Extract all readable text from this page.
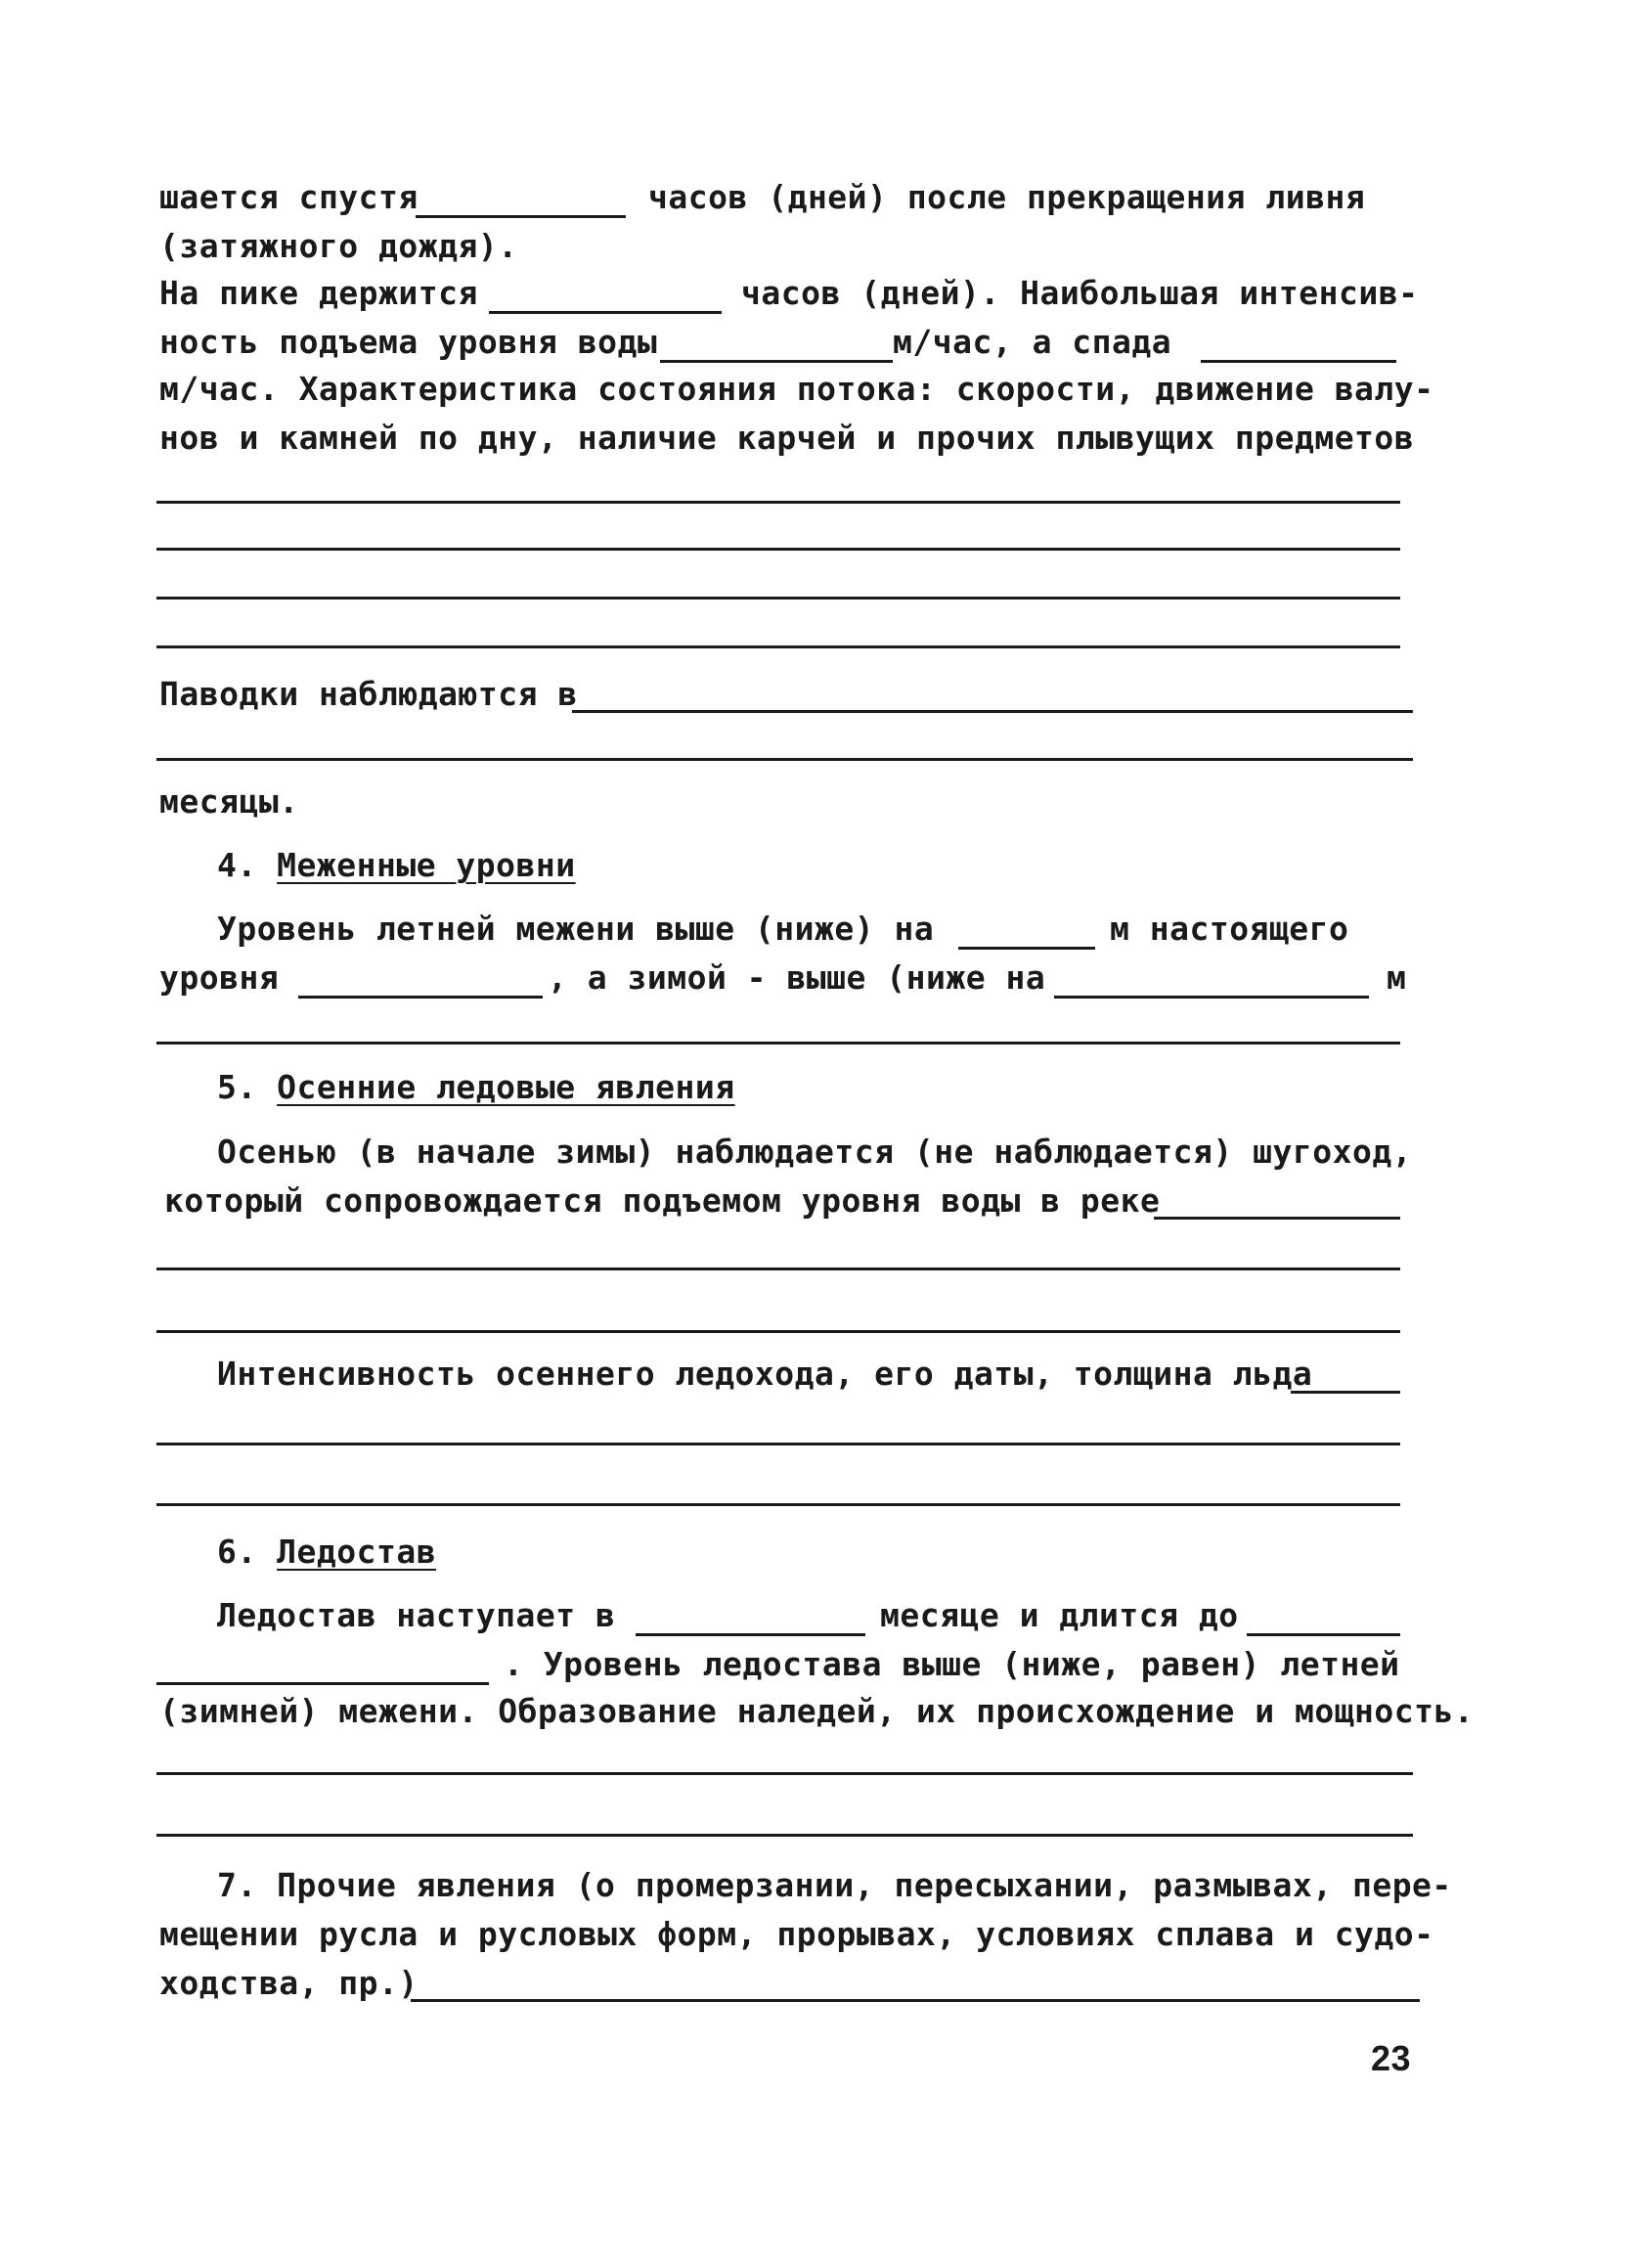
шается спустя	часов (дней) после прекращения ливня
(затяжного дождя).
На пике держится	часов (дней). Наибольшая интенсив-
ность подъема уровня воды	м/час, а спада
м/час. Характеристика состояния потока: скорости, движение валу-
нов и камней по дну, наличие карчей и прочих плывущих предметов
Паводки наблюдаются в
месяцы.
4. Меженные уровни
Уровень летней межени выше (ниже) на	м настоящего
уровня	, а зимой - выше (ниже на	м
5. Осенние ледовые явления
Осенью (в начале зимы) наблюдается (не наблюдается) шугоход,
который сопровождается подъемом уровня воды в реке
Интенсивность осеннего ледохода, его даты, толщина льда
6. Ледостав
Ледостав наступает в	месяце и длится до
. Уровень ледостава выше (ниже, равен) летней
(зимней) межени. Образование наледей, их происхождение и мощность.
7. Прочие явления (о промерзании, пересыхании, размывах, пере-
мещении русла и русловых форм, прорывах, условиях сплава и судо-
ходства, пр.)
23
